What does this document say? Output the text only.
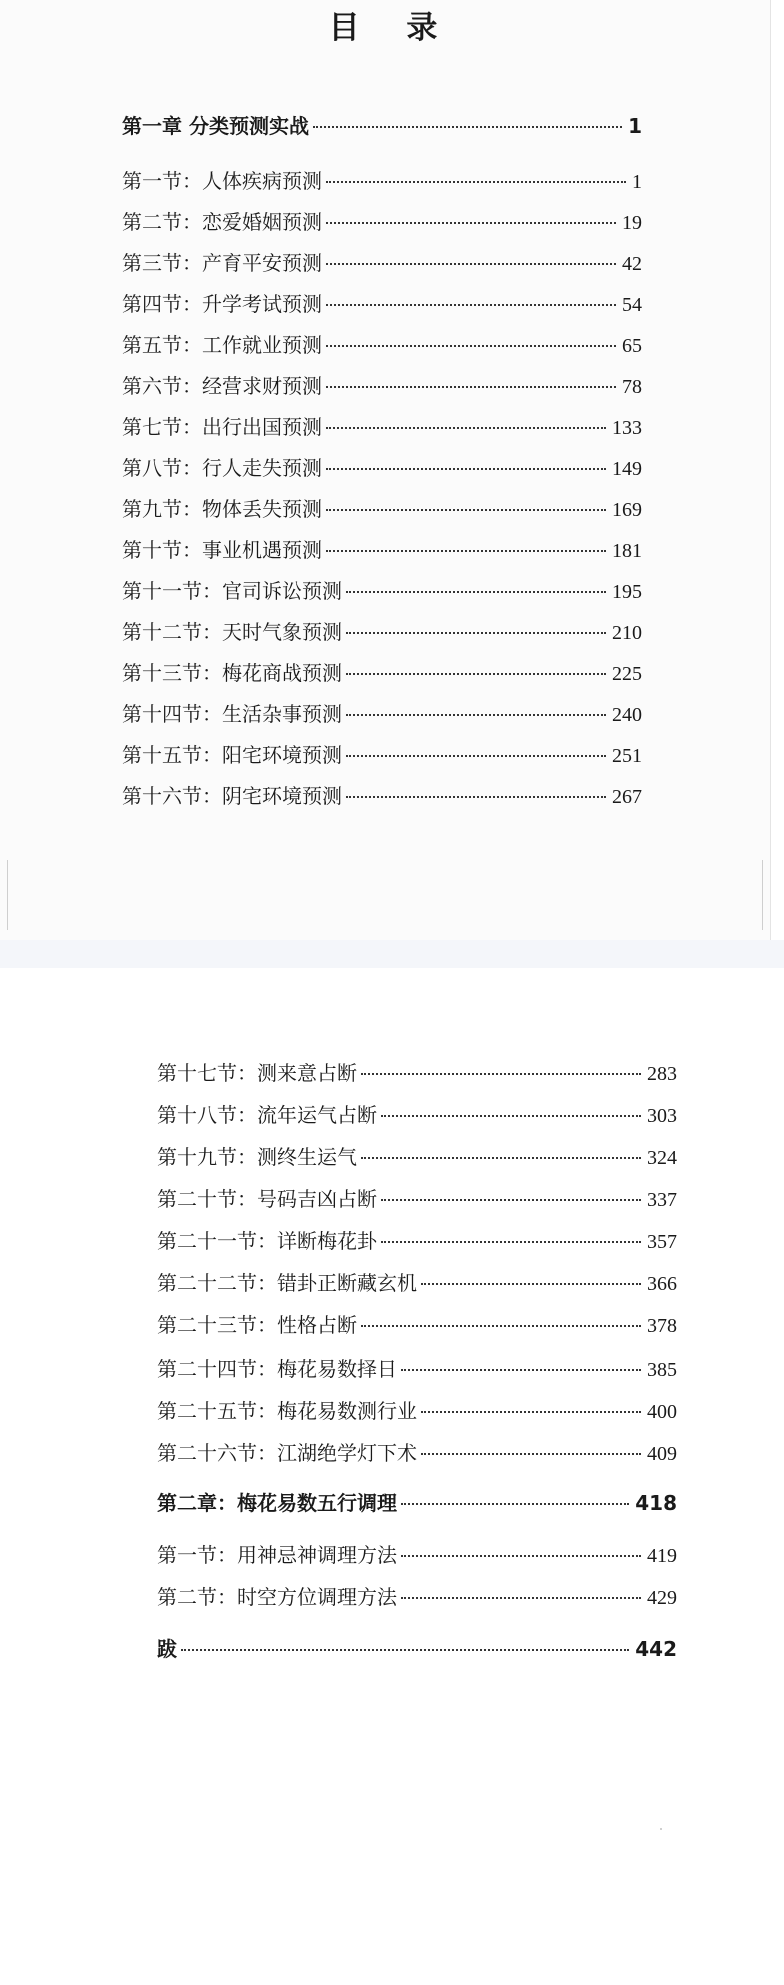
目 录
第一章 分类预测实战	1
第一节：人体疾病预测	1
第二节：恋爱婚姻预测	19
第三节：产育平安预测	42
第四节：升学考试预测	54
第五节：工作就业预测	65
第六节：经营求财预测	78
第七节：出行出国预测	133
第八节：行人走失预测	149
第九节：物体丢失预测	169
第十节：事业机遇预测	181
第十一节：官司诉讼预测	195
第十二节：天时气象预测	210
第十三节：梅花商战预测	225
第十四节：生活杂事预测	240
第十五节：阳宅环境预测	251
第十六节：阴宅环境预测	267
第十七节：测来意占断	283
第十八节：流年运气占断	303
第十九节：测终生运气	324
第二十节：号码吉凶占断	337
第二十一节：详断梅花卦	357
第二十二节：错卦正断藏玄机	366
第二十三节：性格占断	378
第二十四节：梅花易数择日	385
第二十五节：梅花易数测行业	400
第二十六节：江湖绝学灯下术	409
第二章：梅花易数五行调理	418
第一节：用神忌神调理方法	419
第二节：时空方位调理方法	429
跋	442
